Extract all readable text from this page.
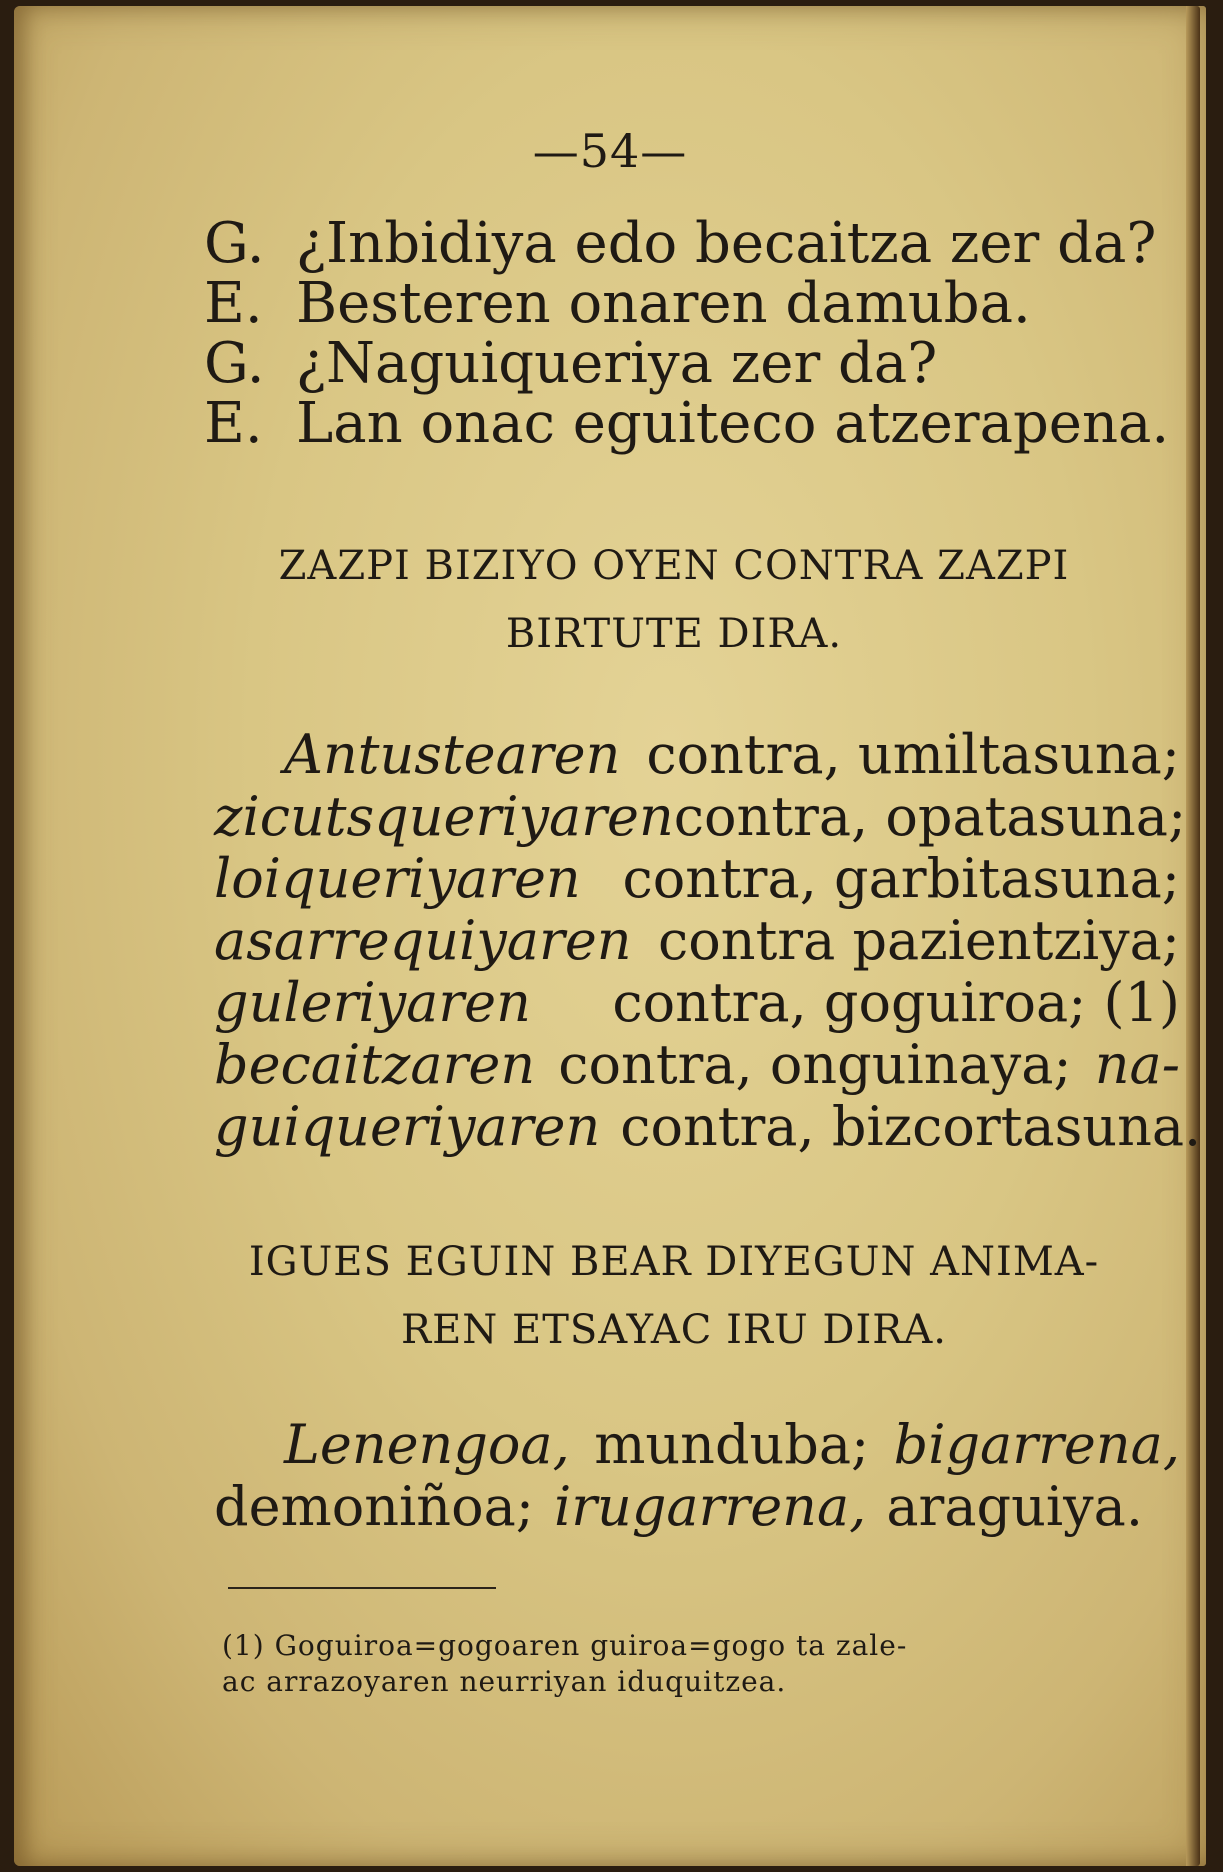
—54—
G. ¿Inbidiya edo becaitza zer da?
E. Besteren onaren damuba.
G. ¿Naguiqueriya zer da?
E. Lan onac eguiteco atzerapena.
ZAZPI BIZIYO OYEN CONTRA ZAZPI
BIRTUTE DIRA.
Antustearen contra, umiltasuna;
zicutsqueriyaren contra, opatasuna;
loiqueriyaren contra, garbitasuna;
asarrequiyaren contra pazientziya;
guleriyaren contra, goguiroa; (1)
becaitzaren contra, onguinaya; na-
guiqueriyaren contra, bizcortasuna.
IGUES EGUIN BEAR DIYEGUN ANIMA-
REN ETSAYAC IRU DIRA.
Lenengoa, munduba; bigarrena,
demoniñoa; irugarrena, araguiya.
(1) Goguiroa=gogoaren guiroa=gogo ta zale-
ac arrazoyaren neurriyan iduquitzea.
